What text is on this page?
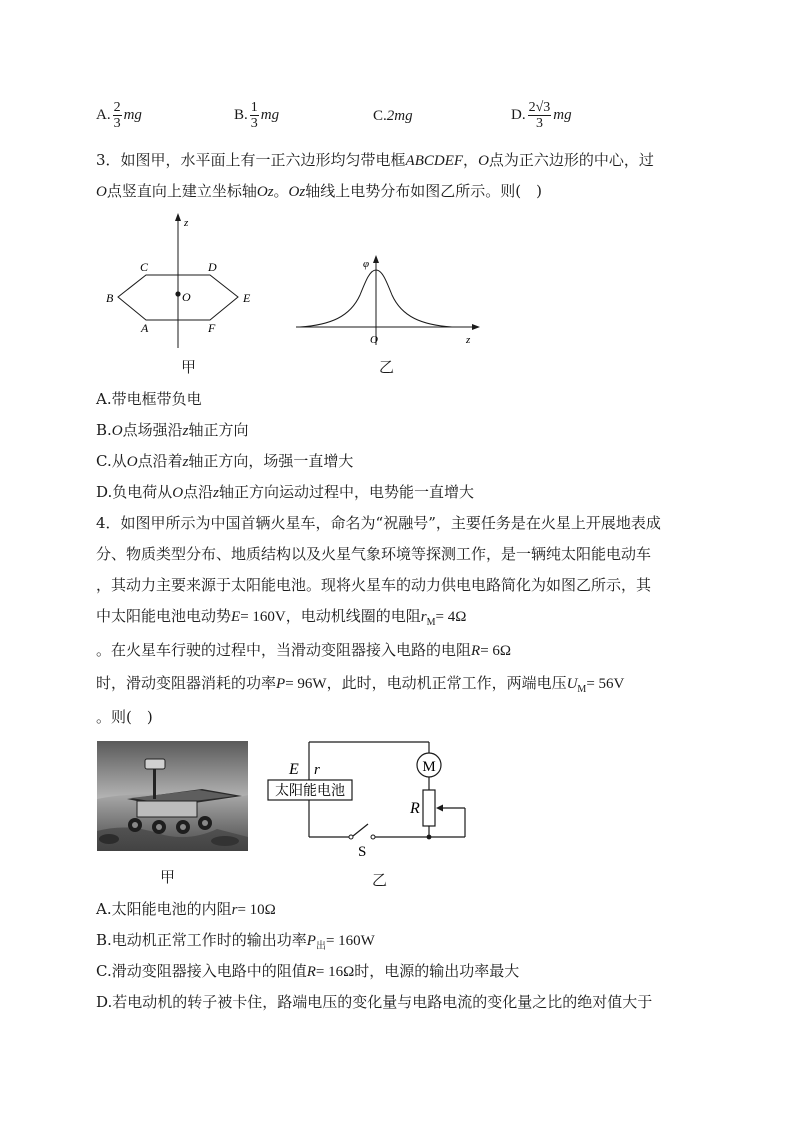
A. $\frac{2}{3}$ mg	B. $\frac{1}{3}$ mg	C.2mg	D. $\frac{2√3}{3}$ mg
3．如图甲，水平面上有一正六边形均匀带电框ABCDEF，O点为正六边形的中心，过
O点竖直向上建立坐标轴Oz。Oz轴线上电势分布如图乙所示。则(　)
z
C	D
B	E
A	F
O
甲
φ
O	z
乙
A.带电框带负电
B.O点场强沿z轴正方向
C.从O点沿着z轴正方向，场强一直增大
D.负电荷从O点沿z轴正方向运动过程中，电势能一直增大
4．如图甲所示为中国首辆火星车，命名为“祝融号”，主要任务是在火星上开展地表成
分、物质类型分布、地质结构以及火星气象环境等探测工作，是一辆纯太阳能电动车
，其动力主要来源于太阳能电池。现将火星车的动力供电电路简化为如图乙所示，其
中太阳能电池电动势E= 160V，电动机线圈的电阻$r_M= 4\Omega$
。在火星车行驶的过程中，当滑动变阻器接入电路的电阻R= 6Ω
时，滑动变阻器消耗的功率P= 96W，此时，电动机正常工作，两端电压$U_M= 56V$
。则(　)
甲
太阳能电池
E r
S
M
R
乙
A.太阳能电池的内阻r= 10Ω
B.电动机正常工作时的输出功率$P_出= 160W$
C.滑动变阻器接入电路中的阻值R= 16Ω时，电源的输出功率最大
D.若电动机的转子被卡住，路端电压的变化量与电路电流的变化量之比的绝对值大于
